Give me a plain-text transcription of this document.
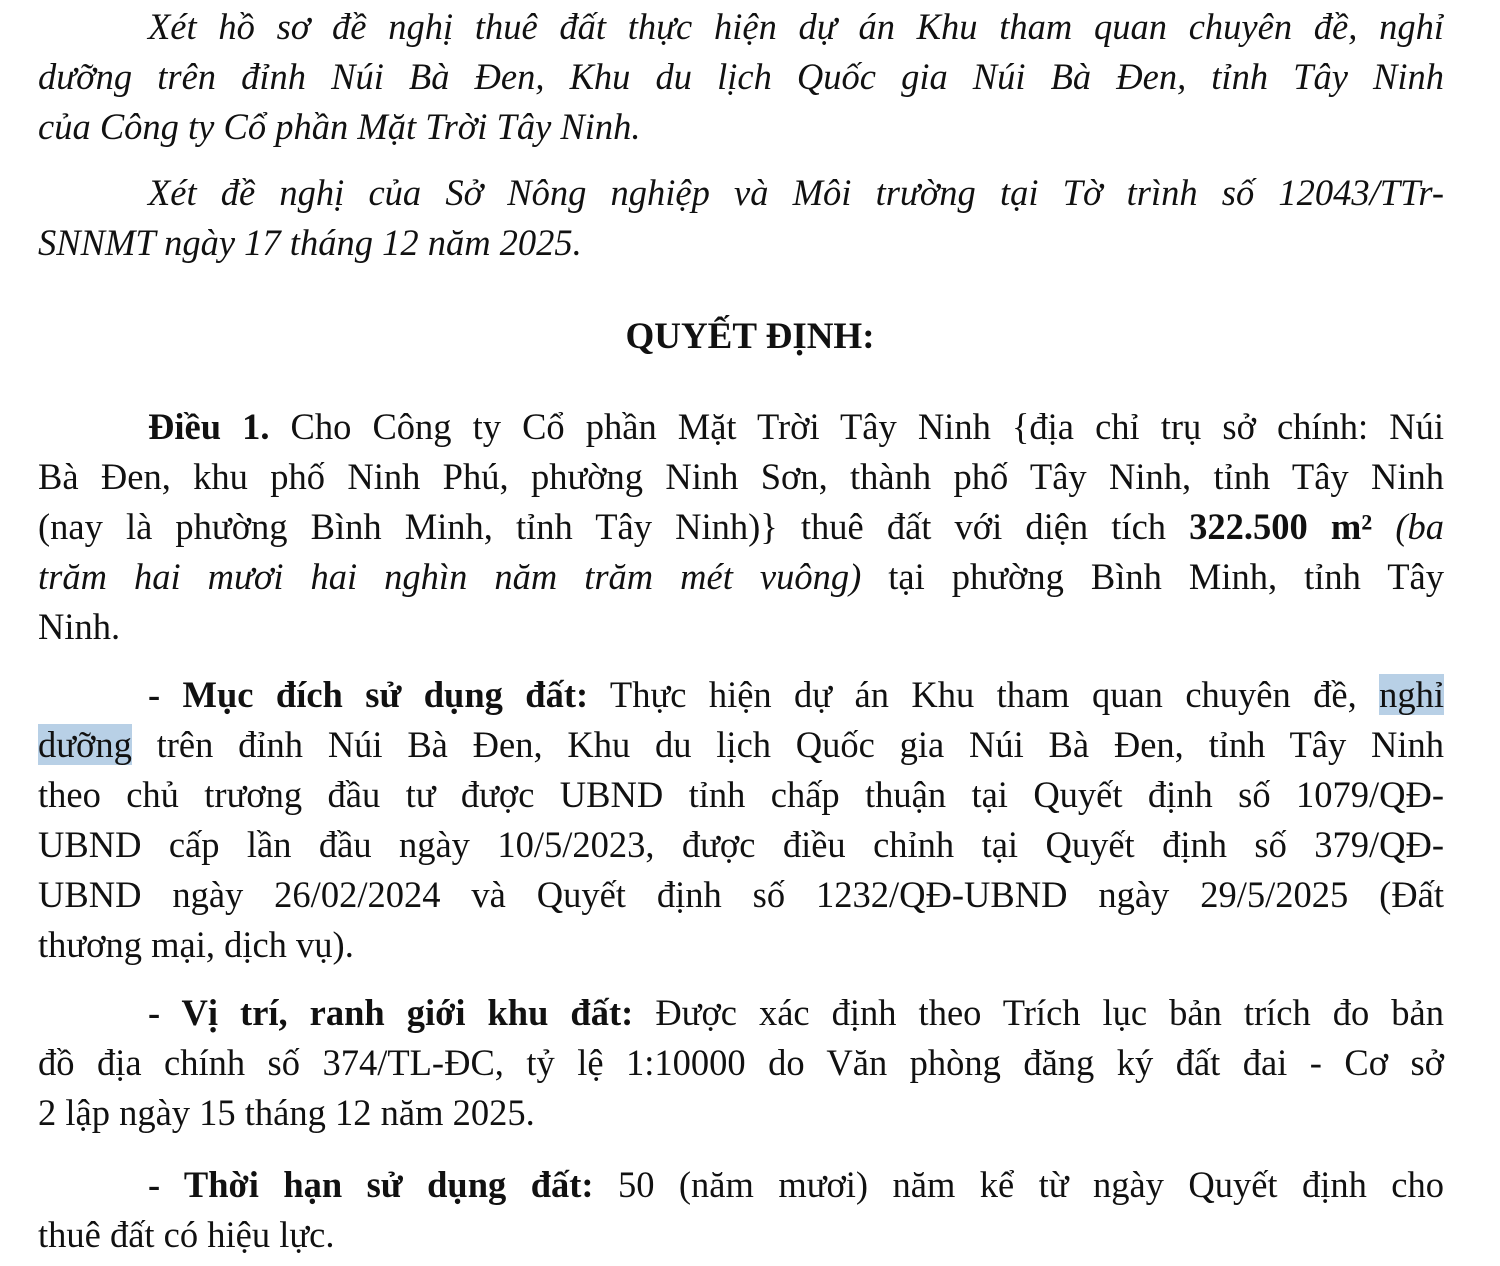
Xét hồ sơ đề nghị thuê đất thực hiện dự án Khu tham quan chuyên đề, nghỉ
dưỡng trên đỉnh Núi Bà Đen, Khu du lịch Quốc gia Núi Bà Đen, tỉnh Tây Ninh
của Công ty Cổ phần Mặt Trời Tây Ninh.

Xét đề nghị của Sở Nông nghiệp và Môi trường tại Tờ trình số 12043/TTr-
SNNMT ngày 17 tháng 12 năm 2025.

QUYẾT ĐỊNH:

Điều 1. Cho Công ty Cổ phần Mặt Trời Tây Ninh {địa chỉ trụ sở chính: Núi
Bà Đen, khu phố Ninh Phú, phường Ninh Sơn, thành phố Tây Ninh, tỉnh Tây Ninh
(nay là phường Bình Minh, tỉnh Tây Ninh)} thuê đất với diện tích 322.500 m² (ba
trăm hai mươi hai nghìn năm trăm mét vuông) tại phường Bình Minh, tỉnh Tây
Ninh.

- Mục đích sử dụng đất: Thực hiện dự án Khu tham quan chuyên đề, nghỉ
dưỡng trên đỉnh Núi Bà Đen, Khu du lịch Quốc gia Núi Bà Đen, tỉnh Tây Ninh
theo chủ trương đầu tư được UBND tỉnh chấp thuận tại Quyết định số 1079/QĐ-
UBND cấp lần đầu ngày 10/5/2023, được điều chỉnh tại Quyết định số 379/QĐ-
UBND ngày 26/02/2024 và Quyết định số 1232/QĐ-UBND ngày 29/5/2025 (Đất
thương mại, dịch vụ).

- Vị trí, ranh giới khu đất: Được xác định theo Trích lục bản trích đo bản
đồ địa chính số 374/TL-ĐC, tỷ lệ 1:10000 do Văn phòng đăng ký đất đai - Cơ sở
2 lập ngày 15 tháng 12 năm 2025.

- Thời hạn sử dụng đất: 50 (năm mươi) năm kể từ ngày Quyết định cho
thuê đất có hiệu lực.
